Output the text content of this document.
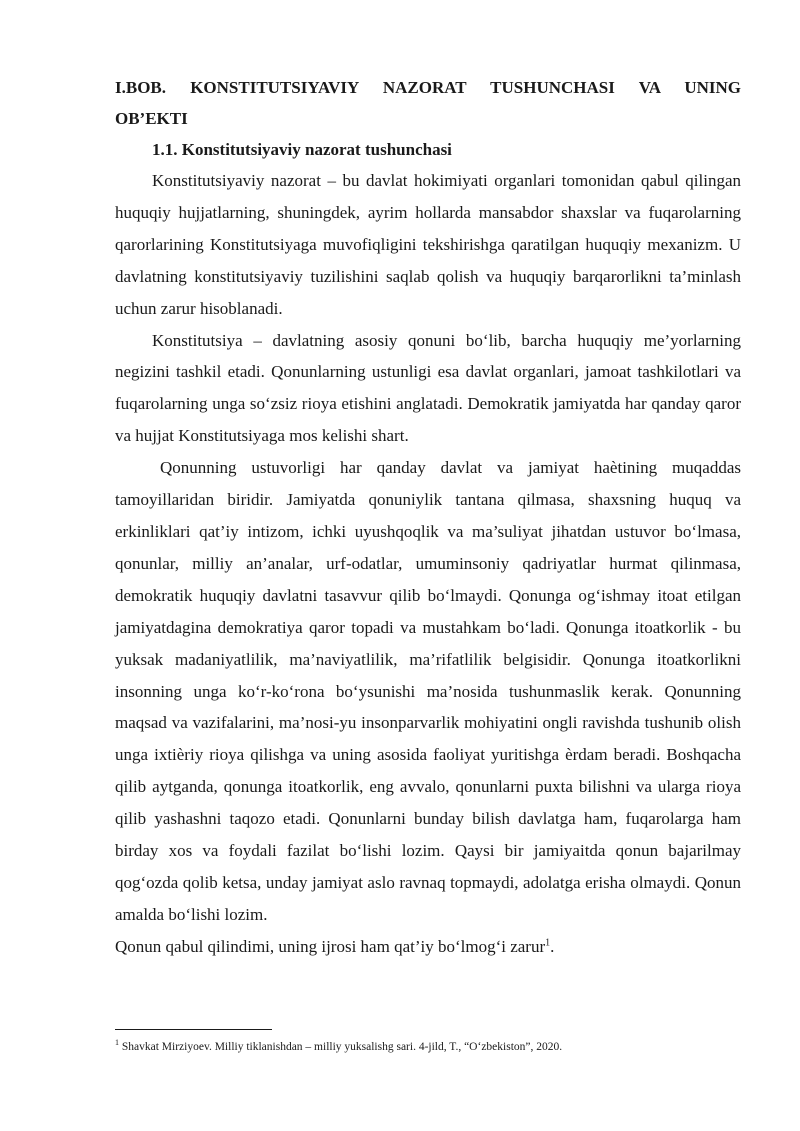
I.BOB. KONSTITUTSIYAVIY NAZORAT TUSHUNCHASI VA UNING OB’EKTI

1.1. Konstitutsiyaviy nazorat tushunchasi

Konstitutsiyaviy nazorat – bu davlat hokimiyati organlari tomonidan qabul qilingan huquqiy hujjatlarning, shuningdek, ayrim hollarda mansabdor shaxslar va fuqarolarning qarorlarining Konstitutsiyaga muvofiqligini tekshirishga qaratilgan huquqiy mexanizm. U davlatning konstitutsiyaviy tuzilishini saqlab qolish va huquqiy barqarorlikni ta’minlash uchun zarur hisoblanadi.

Konstitutsiya – davlatning asosiy qonuni bo‘lib, barcha huquqiy me’yorlarning negizini tashkil etadi. Qonunlarning ustunligi esa davlat organlari, jamoat tashkilotlari va fuqarolarning unga so‘zsiz rioya etishini anglatadi. Demokratik jamiyatda har qanday qaror va hujjat Konstitutsiyaga mos kelishi shart.

Qonunning ustuvorligi har qanday davlat va jamiyat haètining muqaddas tamoyillaridan biridir. Jamiyatda qonuniylik tantana qilmasa, shaxsning huquq va erkinliklari qat’iy intizom, ichki uyushqoqlik va ma’suliyat jihatdan ustuvor bo‘lmasa, qonunlar, milliy an’analar, urf-odatlar, umuminsoniy qadriyatlar hurmat qilinmasa, demokratik huquqiy davlatni tasavvur qilib bo‘lmaydi. Qonunga og‘ishmay itoat etilgan jamiyatdagina demokratiya qaror topadi va mustahkam bo‘ladi. Qonunga itoatkorlik - bu yuksak madaniyatlilik, ma’naviyatlilik, ma’rifatlilik belgisidir. Qonunga itoatkorlikni insonning unga ko‘r-ko‘rona bo‘ysunishi ma’nosida tushunmaslik kerak. Qonunning maqsad va vazifalarini, ma’nosi-yu insonparvarlik mohiyatini ongli ravishda tushunib olish unga ixtièriy rioya qilishga va uning asosida faoliyat yuritishga èrdam beradi. Boshqacha qilib aytganda, qonunga itoatkorlik, eng avvalo, qonunlarni puxta bilishni va ularga rioya qilib yashashni taqozo etadi. Qonunlarni bunday bilish davlatga ham, fuqarolarga ham birday xos va foydali fazilat bo‘lishi lozim. Qaysi bir jamiyaitda qonun bajarilmay qog‘ozda qolib ketsa, unday jamiyat aslo ravnaq topmaydi, adolatga erisha olmaydi. Qonun amalda bo‘lishi lozim.

Qonun qabul qilindimi, uning ijrosi ham qat’iy bo‘lmog‘i zarur$^1$.

$^1$ Shavkat Mirziyoev. Milliy tiklanishdan – milliy yuksalishg sari. 4-jild, T., “O‘zbekiston”, 2020.
